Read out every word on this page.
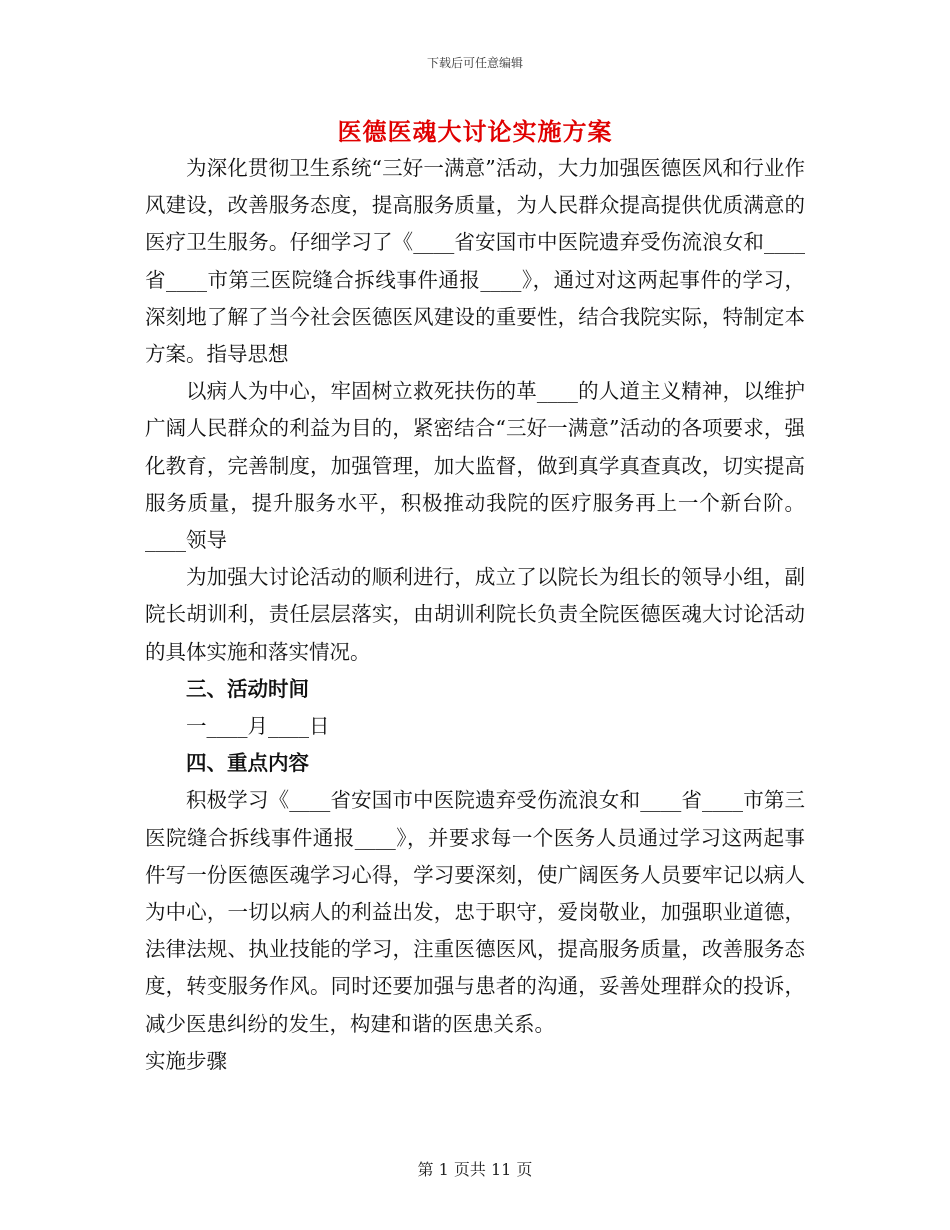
下载后可任意编辑
医德医魂大讨论实施方案

为深化贯彻卫生系统“三好一满意”活动，大力加强医德医风和行业作风建设，改善服务态度，提高服务质量，为人民群众提高提供优质满意的医疗卫生服务。仔细学习了《____省安国市中医院遗弃受伤流浪女和____省____市第三医院缝合拆线事件通报____》，通过对这两起事件的学习，深刻地了解了当今社会医德医风建设的重要性，结合我院实际，特制定本方案。指导思想

以病人为中心，牢固树立救死扶伤的革____的人道主义精神，以维护广阔人民群众的利益为目的，紧密结合“三好一满意”活动的各项要求，强化教育，完善制度，加强管理，加大监督，做到真学真查真改，切实提高服务质量，提升服务水平，积极推动我院的医疗服务再上一个新台阶。____领导

为加强大讨论活动的顺利进行，成立了以院长为组长的领导小组，副院长胡训利，责任层层落实，由胡训利院长负责全院医德医魂大讨论活动的具体实施和落实情况。

三、活动时间

一____月____日

四、重点内容

积极学习《____省安国市中医院遗弃受伤流浪女和____省____市第三医院缝合拆线事件通报____》，并要求每一个医务人员通过学习这两起事件写一份医德医魂学习心得，学习要深刻，使广阔医务人员要牢记以病人为中心，一切以病人的利益出发，忠于职守，爱岗敬业，加强职业道德，法律法规、执业技能的学习，注重医德医风，提高服务质量，改善服务态度，转变服务作风。同时还要加强与患者的沟通，妥善处理群众的投诉，减少医患纠纷的发生，构建和谐的医患关系。

实施步骤

第 1 页共 11 页
